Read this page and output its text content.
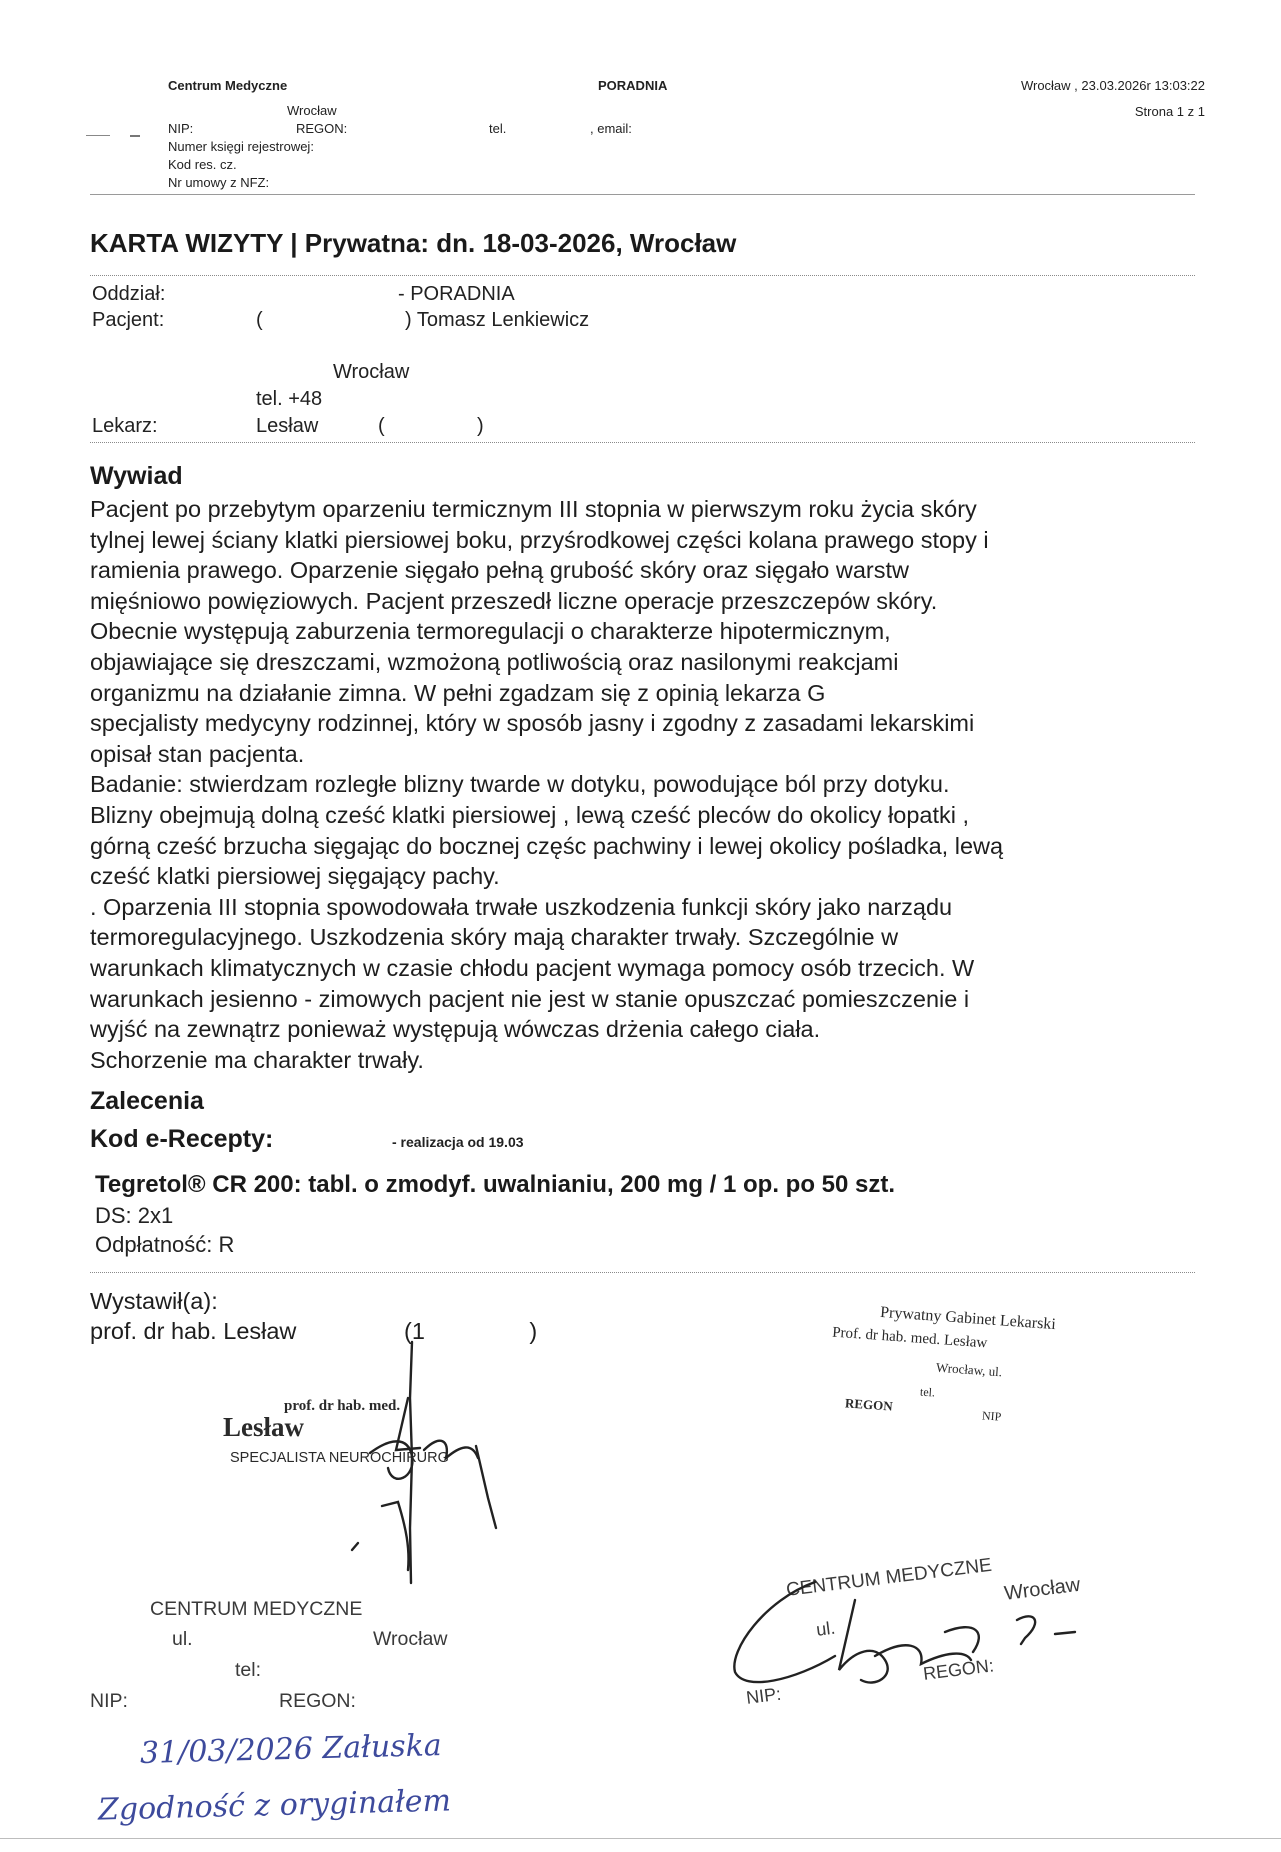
Centrum Medyczne
Wrocław
NIP:	REGON:	tel.	, email:
Numer księgi rejestrowej:
Kod res. cz.
Nr umowy z NFZ:
PORADNIA	Wrocław , 23.03.2026r 13:03:22
Strona 1 z 1
KARTA WIZYTY | Prywatna: dn. 18-03-2026, Wrocław
Oddział:	- PORADNIA
Pacjent:	(	) Tomasz Lenkiewicz
Wrocław
tel. +48
Lekarz:	Lesław	(	)
Wywiad

Pacjent po przebytym oparzeniu termicznym III stopnia w pierwszym roku życia skóry

tylnej lewej ściany klatki piersiowej boku, przyśrodkowej części kolana prawego stopy i

ramienia prawego. Oparzenie sięgało pełną grubość skóry oraz sięgało warstw

mięśniowo powięziowych. Pacjent przeszedł liczne operacje przeszczepów skóry.

Obecnie występują zaburzenia termoregulacji o charakterze hipotermicznym,

objawiające się dreszczami, wzmożoną potliwością oraz nasilonymi reakcjami

organizmu na działanie zimna. W pełni zgadzam się z opinią lekarza G

specjalisty medycyny rodzinnej, który w sposób jasny i zgodny z zasadami lekarskimi

opisał stan pacjenta.

Badanie: stwierdzam rozległe blizny twarde w dotyku, powodujące ból przy dotyku.

Blizny obejmują dolną cześć klatki piersiowej , lewą cześć pleców do okolicy łopatki ,

górną cześć brzucha sięgając do bocznej częśc pachwiny i lewej okolicy pośladka, lewą

cześć klatki piersiowej sięgający pachy.

. Oparzenia III stopnia spowodowała trwałe uszkodzenia funkcji skóry jako narządu

termoregulacyjnego. Uszkodzenia skóry mają charakter trwały. Szczególnie w

warunkach klimatycznych w czasie chłodu pacjent wymaga pomocy osób trzecich. W

warunkach jesienno - zimowych pacjent nie jest w stanie opuszczać pomieszczenie i

wyjść na zewnątrz ponieważ występują wówczas drżenia całego ciała.

Schorzenie ma charakter trwały.

Zalecenia
Kod e-Recepty:	- realizacja od 19.03
Tegretol® CR 200: tabl. o zmodyf. uwalnianiu, 200 mg / 1 op. po 50 szt.
DS: 2x1
Odpłatność: R
Wystawił(a):
prof. dr hab. Lesław	(1                )
prof. dr hab. med.
Lesław
SPECJALISTA NEUROCHIRURG
Prywatny Gabinet Lekarski
Prof. dr hab. med. Lesław
Wrocław, ul.
tel.
REGON
NIP
CENTRUM MEDYCZNE
ul.	Wrocław
tel:
NIP:	REGON:
CENTRUM MEDYCZNE Wrocław
ul.
NIP:
REGON:
31/03/2026 Załuska
Zgodność z oryginałem
